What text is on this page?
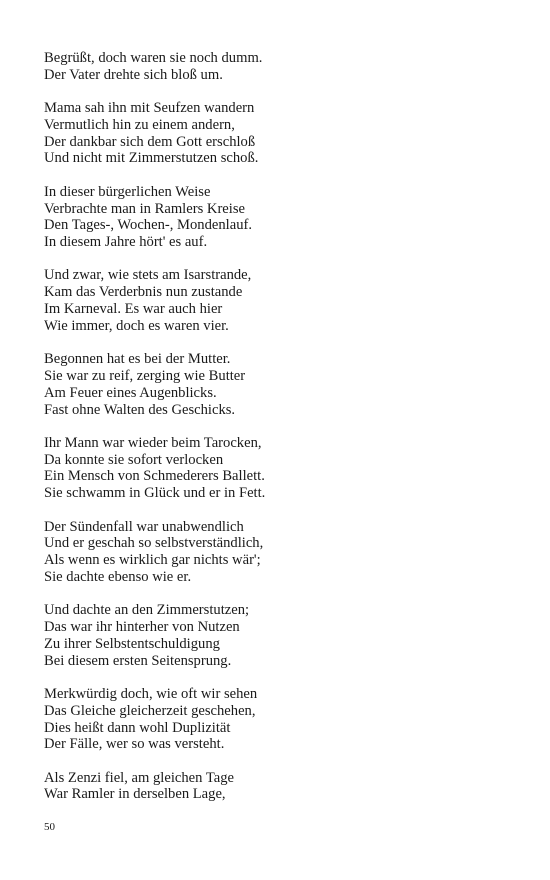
Begrüßt, doch waren sie noch dumm.
Der Vater drehte sich bloß um.
Mama sah ihn mit Seufzen wandern
Vermutlich hin zu einem andern,
Der dankbar sich dem Gott erschloß
Und nicht mit Zimmerstutzen schoß.
In dieser bürgerlichen Weise
Verbrachte man in Ramlers Kreise
Den Tages-, Wochen-, Mondenlauf.
In diesem Jahre hört' es auf.
Und zwar, wie stets am Isarstrande,
Kam das Verderbnis nun zustande
Im Karneval. Es war auch hier
Wie immer, doch es waren vier.
Begonnen hat es bei der Mutter.
Sie war zu reif, zerging wie Butter
Am Feuer eines Augenblicks.
Fast ohne Walten des Geschicks.
Ihr Mann war wieder beim Tarocken,
Da konnte sie sofort verlocken
Ein Mensch von Schmederers Ballett.
Sie schwamm in Glück und er in Fett.
Der Sündenfall war unabwendlich
Und er geschah so selbstverständlich,
Als wenn es wirklich gar nichts wär';
Sie dachte ebenso wie er.
Und dachte an den Zimmerstutzen;
Das war ihr hinterher von Nutzen
Zu ihrer Selbstentschuldigung
Bei diesem ersten Seitensprung.
Merkwürdig doch, wie oft wir sehen
Das Gleiche gleicherzeit geschehen,
Dies heißt dann wohl Duplizität
Der Fälle, wer so was versteht.
Als Zenzi fiel, am gleichen Tage
War Ramler in derselben Lage,
50
